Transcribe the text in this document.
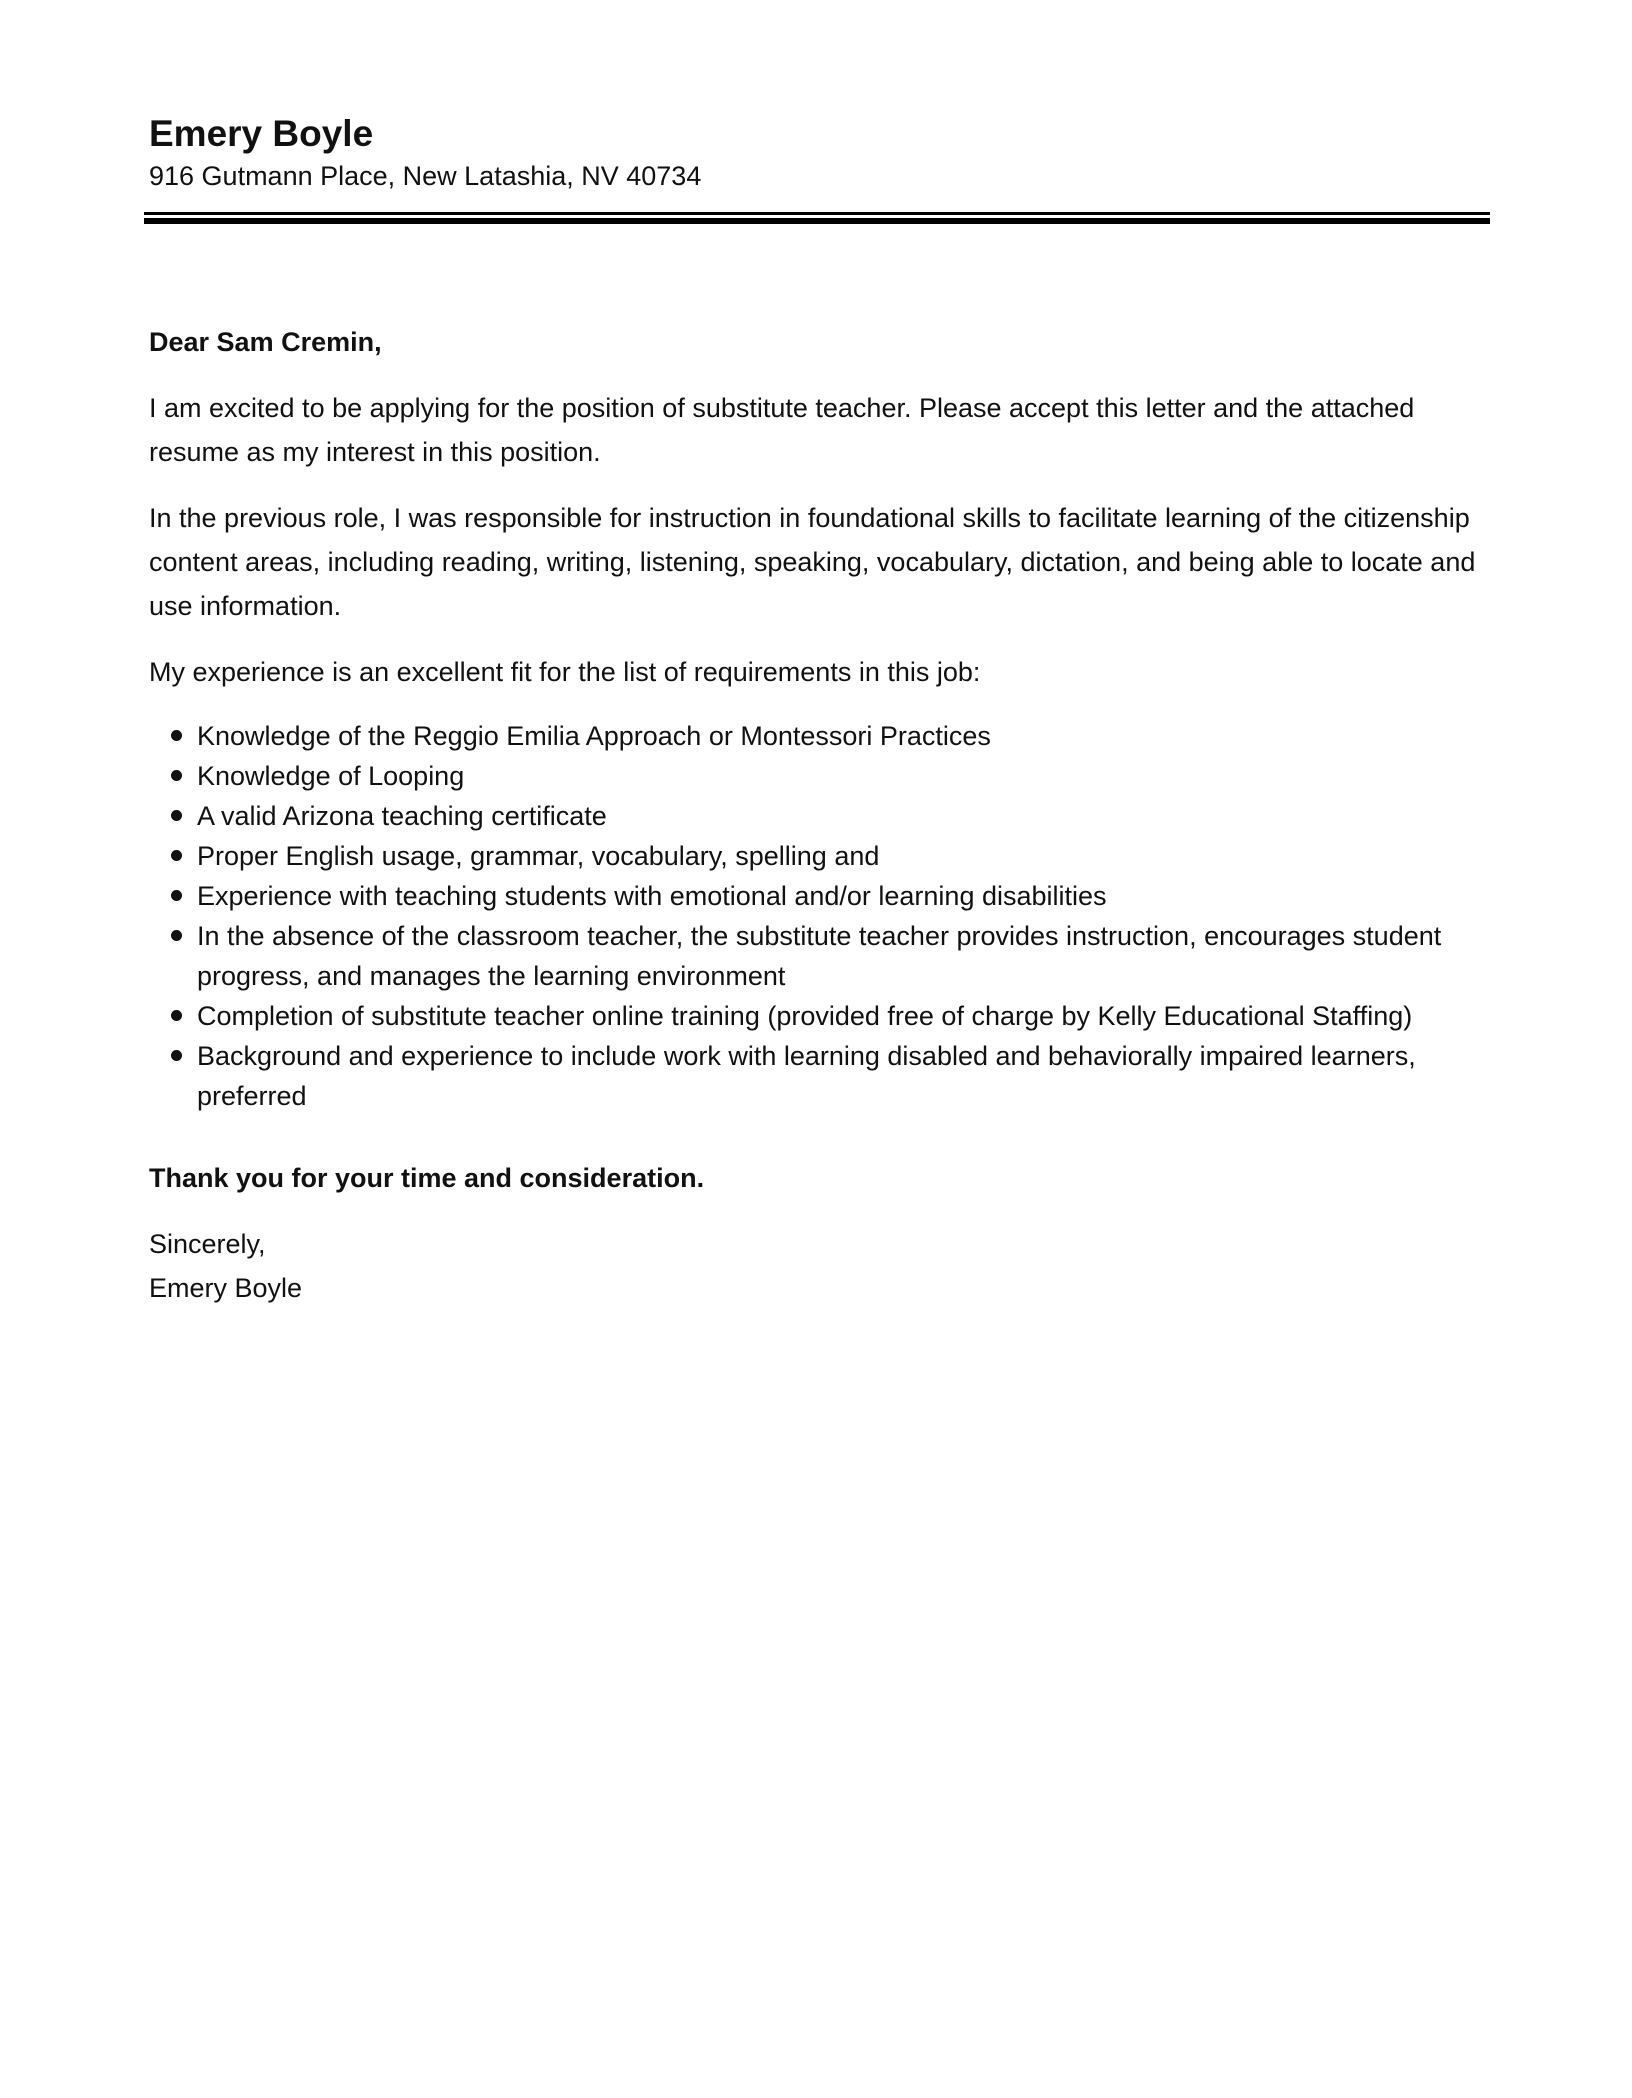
Emery Boyle

916 Gutmann Place, New Latashia, NV 40734

Dear Sam Cremin,

I am excited to be applying for the position of substitute teacher. Please accept this letter and the attached resume as my interest in this position.

In the previous role, I was responsible for instruction in foundational skills to facilitate learning of the citizenship content areas, including reading, writing, listening, speaking, vocabulary, dictation, and being able to locate and use information.

My experience is an excellent fit for the list of requirements in this job:

Knowledge of the Reggio Emilia Approach or Montessori Practices
Knowledge of Looping
A valid Arizona teaching certificate
Proper English usage, grammar, vocabulary, spelling and
Experience with teaching students with emotional and/or learning disabilities
In the absence of the classroom teacher, the substitute teacher provides instruction, encourages student progress, and manages the learning environment
Completion of substitute teacher online training (provided free of charge by Kelly Educational Staffing)
Background and experience to include work with learning disabled and behaviorally impaired learners, preferred

Thank you for your time and consideration.

Sincerely,

Emery Boyle
